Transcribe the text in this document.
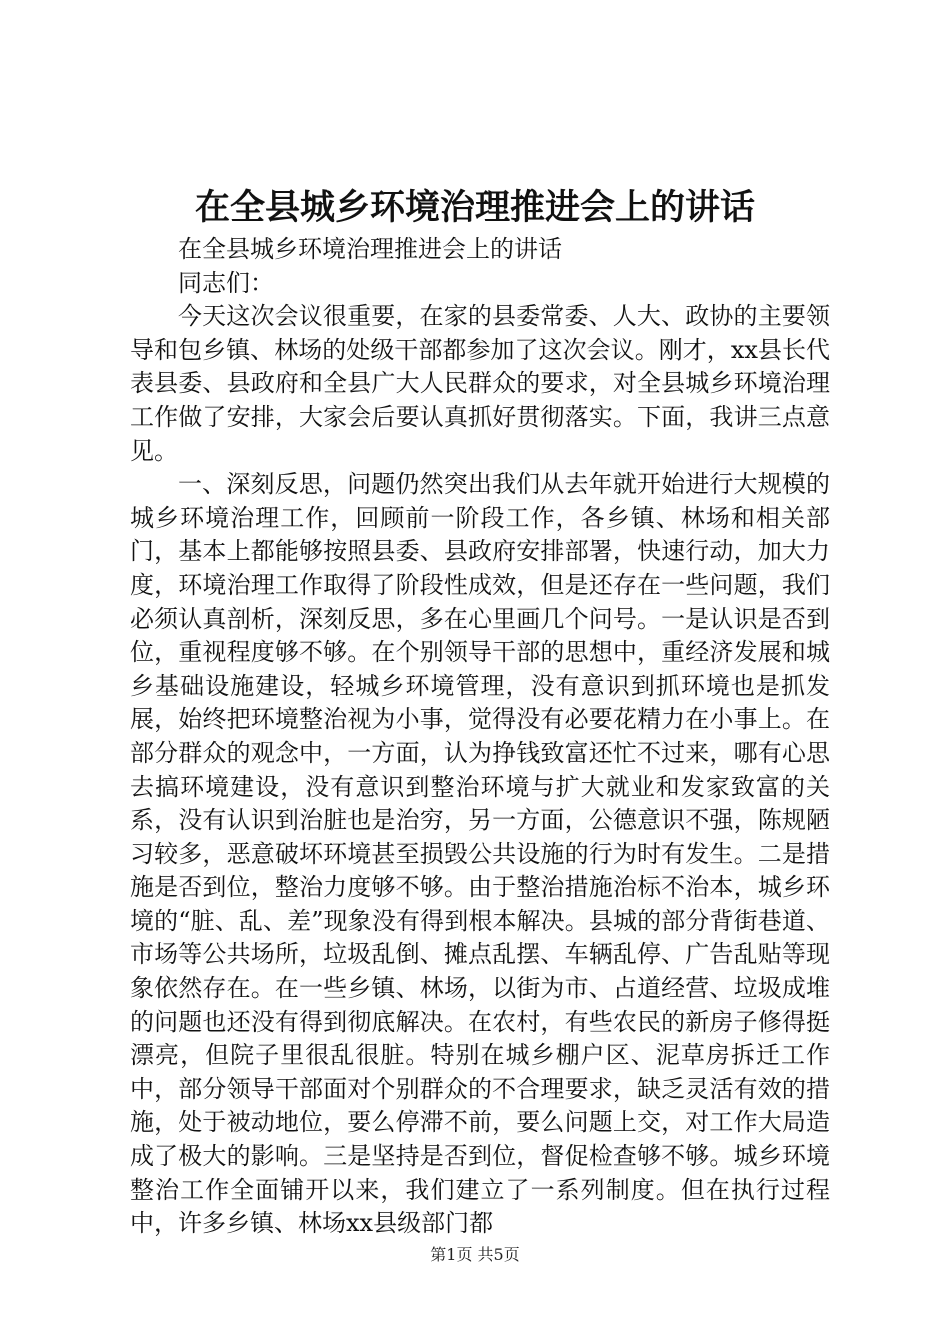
在全县城乡环境治理推进会上的讲话

在全县城乡环境治理推进会上的讲话

同志们：

今天这次会议很重要，在家的县委常委、人大、政协的主要领导和包乡镇、林场的处级干部都参加了这次会议。刚才，xx县长代表县委、县政府和全县广大人民群众的要求，对全县城乡环境治理工作做了安排，大家会后要认真抓好贯彻落实。下面，我讲三点意见。

一、深刻反思，问题仍然突出我们从去年就开始进行大规模的城乡环境治理工作，回顾前一阶段工作，各乡镇、林场和相关部门，基本上都能够按照县委、县政府安排部署，快速行动，加大力度，环境治理工作取得了阶段性成效，但是还存在一些问题，我们必须认真剖析，深刻反思，多在心里画几个问号。一是认识是否到位，重视程度够不够。在个别领导干部的思想中，重经济发展和城乡基础设施建设，轻城乡环境管理，没有意识到抓环境也是抓发展，始终把环境整治视为小事，觉得没有必要花精力在小事上。在部分群众的观念中，一方面，认为挣钱致富还忙不过来，哪有心思去搞环境建设，没有意识到整治环境与扩大就业和发家致富的关系，没有认识到治脏也是治穷，另一方面，公德意识不强，陈规陋习较多，恶意破坏环境甚至损毁公共设施的行为时有发生。二是措施是否到位，整治力度够不够。由于整治措施治标不治本，城乡环境的“脏、乱、差”现象没有得到根本解决。县城的部分背街巷道、市场等公共场所，垃圾乱倒、摊点乱摆、车辆乱停、广告乱贴等现象依然存在。在一些乡镇、林场，以街为市、占道经营、垃圾成堆的问题也还没有得到彻底解决。在农村，有些农民的新房子修得挺漂亮，但院子里很乱很脏。特别在城乡棚户区、泥草房拆迁工作中，部分领导干部面对个别群众的不合理要求，缺乏灵活有效的措施，处于被动地位，要么停滞不前，要么问题上交，对工作大局造成了极大的影响。三是坚持是否到位，督促检查够不够。城乡环境整治工作全面铺开以来，我们建立了一系列制度。但在执行过程中，许多乡镇、林场xx县级部门都

第1页 共5页
